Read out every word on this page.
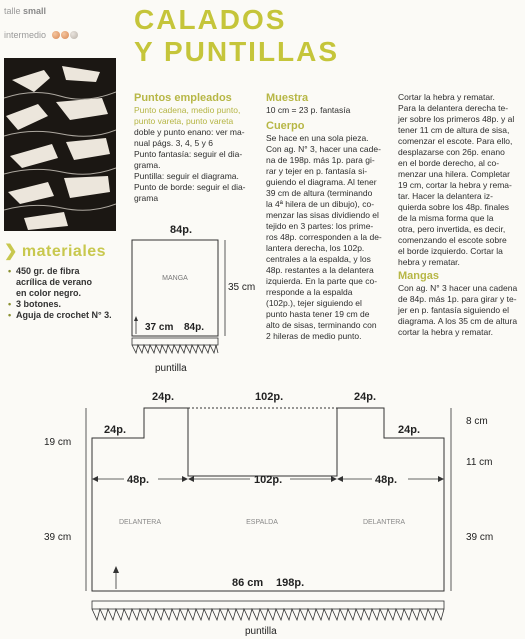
talle small
intermedio	CALADOS
Y PUNTILLAS
❯ materiales
• 450 gr. de fibra
acrílica de verano
en color negro.
• 3 botones.
• Aguja de crochet N° 3.
Puntos empleados

Punto cadena, medio punto,

punto vareta, punto vareta

doble y punto enano: ver ma-

nual págs. 3, 4, 5 y 6

Punto fantasía: seguir el dia-

grama.

Puntilla: seguir el diagrama.

Punto de borde: seguir el dia-

grama

Muestra

10 cm = 23 p. fantasía

Cuerpo

Se hace en una sola pieza.

Con ag. N° 3, hacer una cade-

na de 198p. más 1p. para gi-

rar y tejer en p. fantasía si-

guiendo el diagrama. Al tener

39 cm de altura (terminando

la 4ª hilera de un dibujo), co-

menzar las sisas dividiendo el

tejido en 3 partes: los prime-

ros 48p. corresponden a la de-

lantera derecha, los 102p.

centrales a la espalda, y los

48p. restantes a la delantera

izquierda. En la parte que co-

rresponde a la espalda

(102p.), tejer siguiendo el

punto hasta tener 19 cm de

alto de sisas, terminando con

2 hileras de medio punto.

Cortar la hebra y rematar.

Para la delantera derecha te-

jer sobre los primeros 48p. y al

tener 11 cm de altura de sisa,

comenzar el escote. Para ello,

desplazarse con 26p. enano

en el borde derecho, al co-

menzar una hilera. Completar

19 cm, cortar la hebra y rema-

tar. Hacer la delantera iz-

quierda sobre los 48p. finales

de la misma forma que la

otra, pero invertida, es decir,

comenzando el escote sobre

el borde izquierdo. Cortar la

hebra y rematar.

Mangas

Con ag. N° 3 hacer una cadena

de 84p. más 1p. para girar y te-

jer en p. fantasía siguiendo el

diagrama. A los 35 cm de altura

cortar la hebra y rematar.

84p.
MANGA
35 cm
37 cm 84p.
puntilla
24p.	102p.	24p.
24p.	24p.
48p.	102p.	48p.
DELANTERA	ESPALDA	DELANTERA
19 cm
39 cm
8 cm
11 cm
39 cm
86 cm 198p.
puntilla
